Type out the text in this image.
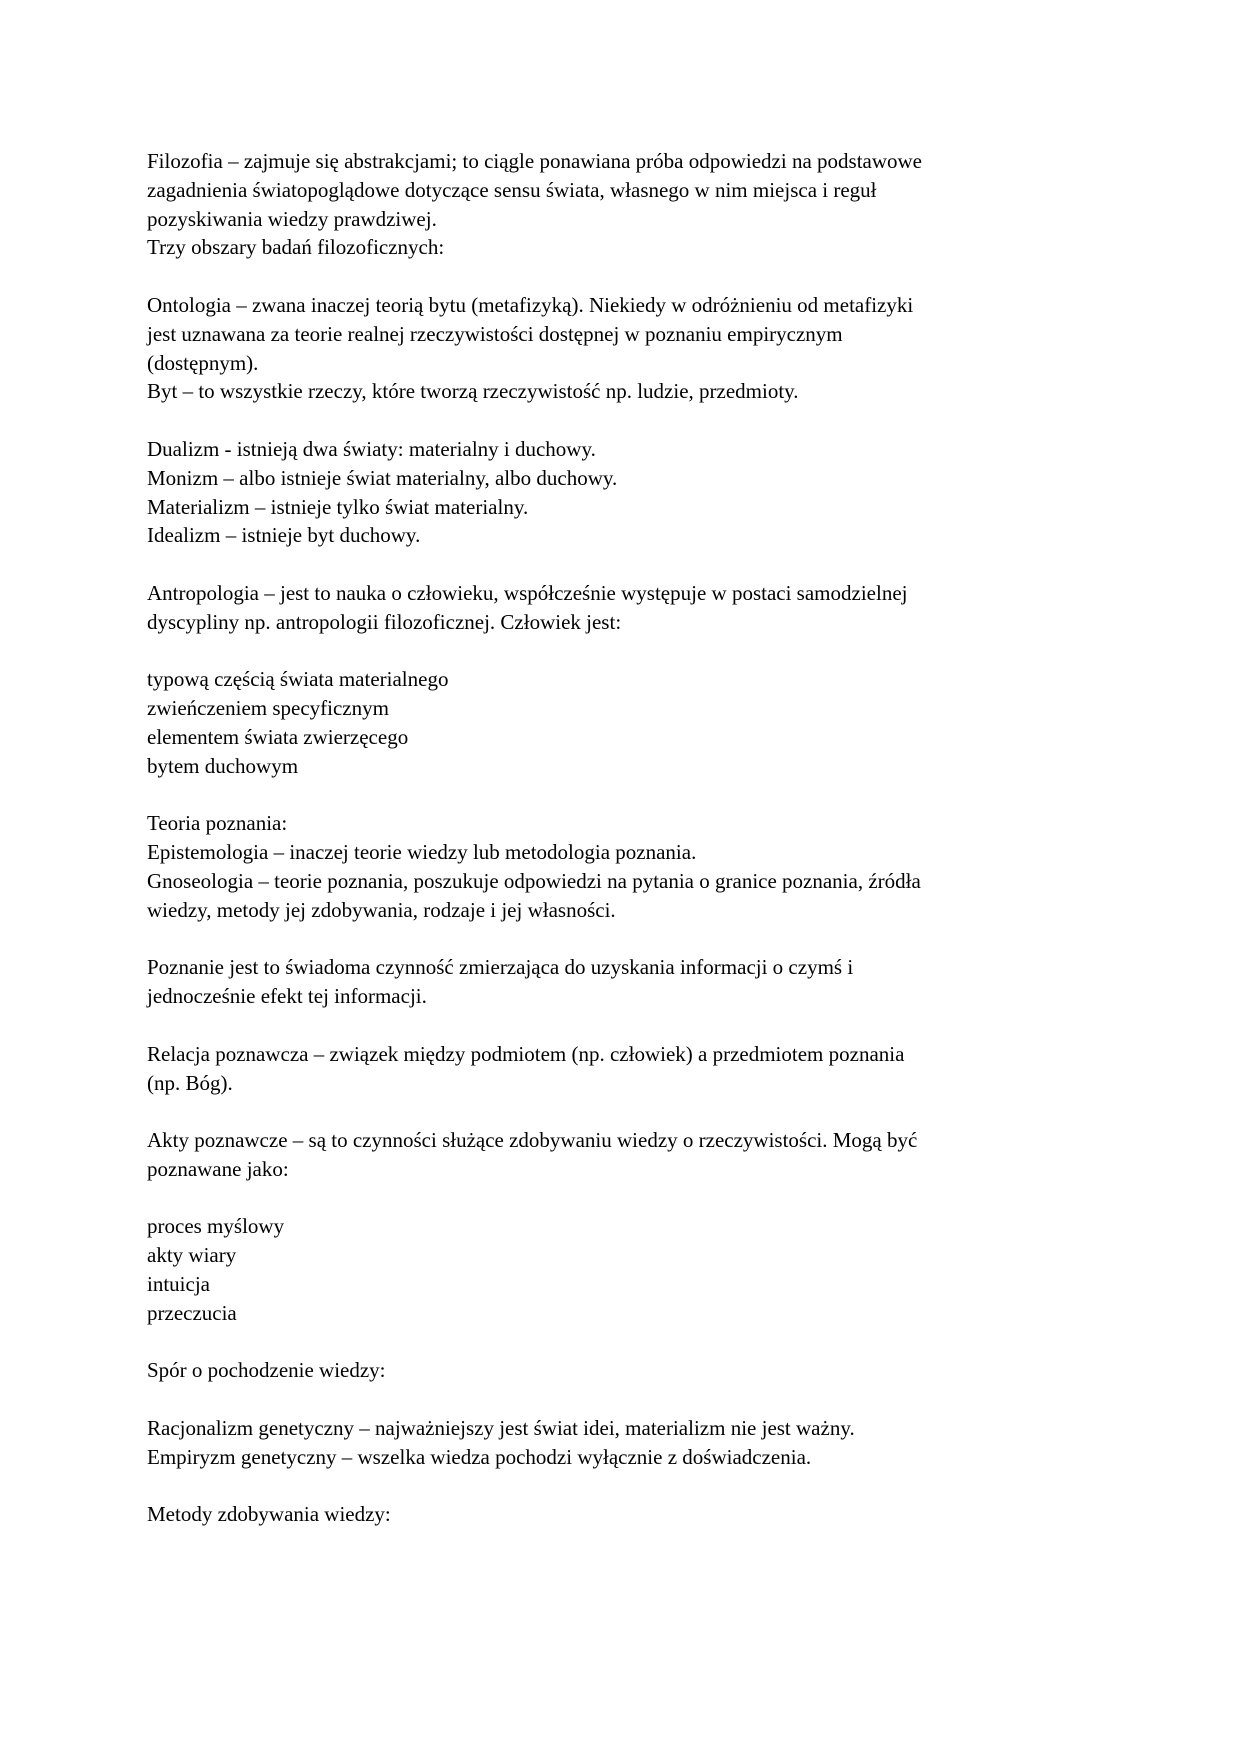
Filozofia – zajmuje się abstrakcjami; to ciągle ponawiana próba odpowiedzi na podstawowe
zagadnienia światopoglądowe dotyczące sensu świata, własnego w nim miejsca i reguł
pozyskiwania wiedzy prawdziwej.
Trzy obszary badań filozoficznych:
Ontologia – zwana inaczej teorią bytu (metafizyką). Niekiedy w odróżnieniu od metafizyki
jest uznawana za teorie realnej rzeczywistości dostępnej w poznaniu empirycznym
(dostępnym).
Byt – to wszystkie rzeczy, które tworzą rzeczywistość np. ludzie, przedmioty.
Dualizm - istnieją dwa światy: materialny i duchowy.
Monizm – albo istnieje świat materialny, albo duchowy.
Materializm – istnieje tylko świat materialny.
Idealizm – istnieje byt duchowy.
Antropologia – jest to nauka o człowieku, współcześnie występuje w postaci samodzielnej
dyscypliny np. antropologii filozoficznej. Człowiek jest:
typową częścią świata materialnego
zwieńczeniem specyficznym
elementem świata zwierzęcego
bytem duchowym
Teoria poznania:
Epistemologia – inaczej teorie wiedzy lub metodologia poznania.
Gnoseologia – teorie poznania, poszukuje odpowiedzi na pytania o granice poznania, źródła
wiedzy, metody jej zdobywania, rodzaje i jej własności.
Poznanie jest to świadoma czynność zmierzająca do uzyskania informacji o czymś i
jednocześnie efekt tej informacji.
Relacja poznawcza – związek między podmiotem (np. człowiek) a przedmiotem poznania
(np. Bóg).
Akty poznawcze – są to czynności służące zdobywaniu wiedzy o rzeczywistości. Mogą być
poznawane jako:
proces myślowy
akty wiary
intuicja
przeczucia
Spór o pochodzenie wiedzy:
Racjonalizm genetyczny – najważniejszy jest świat idei, materializm nie jest ważny.
Empiryzm genetyczny – wszelka wiedza pochodzi wyłącznie z doświadczenia.
Metody zdobywania wiedzy:
